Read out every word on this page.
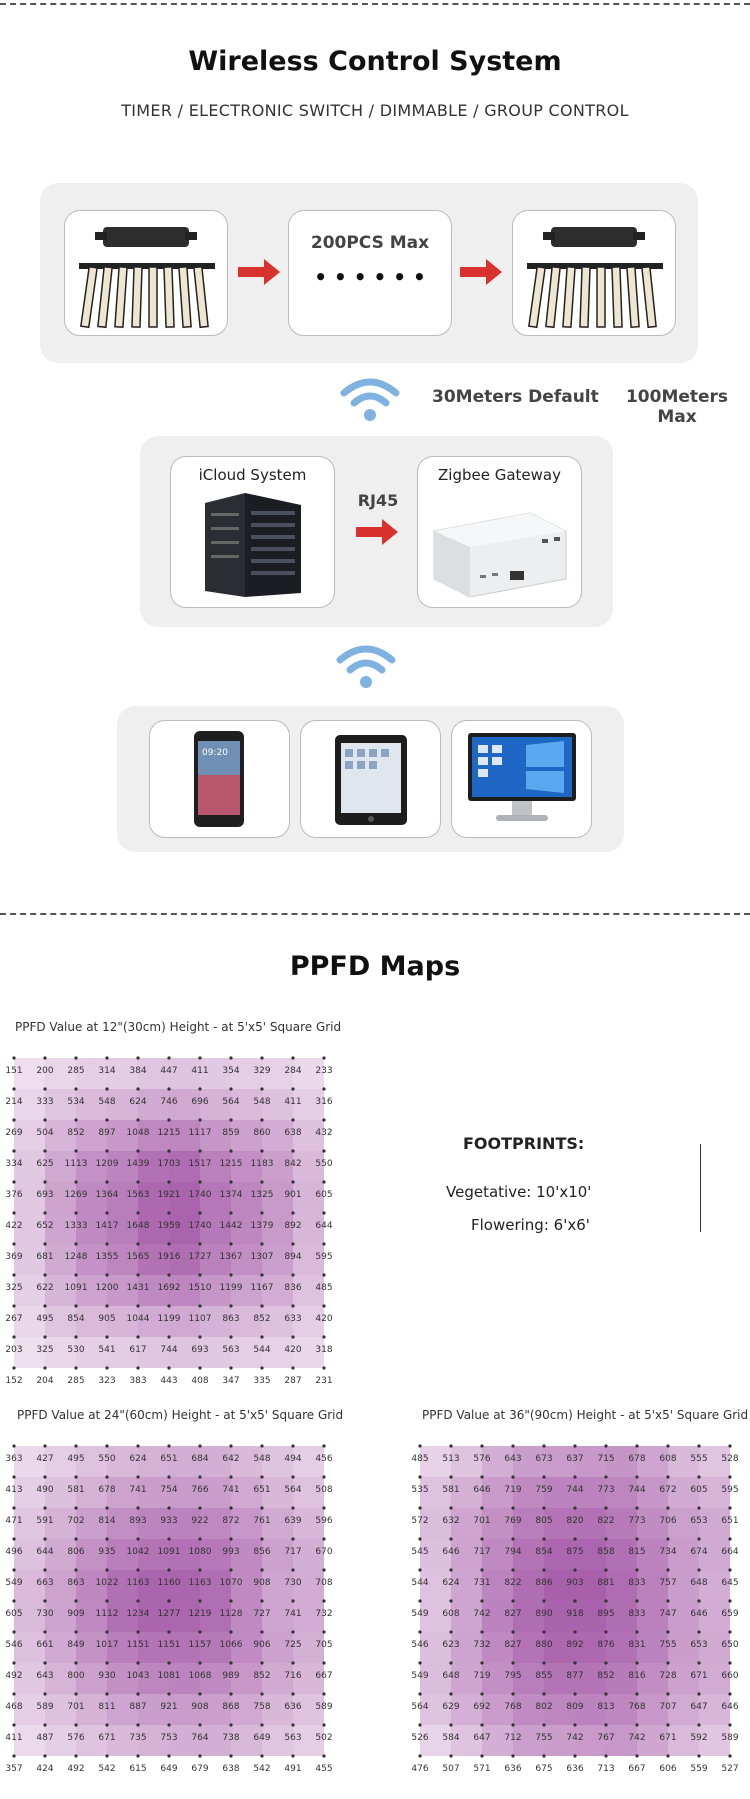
Wireless Control System
TIMER / ELECTRONIC SWITCH / DIMMABLE / GROUP CONTROL
200PCS Max
• • • • • •
30Meters Default	100Meters Max
iCloud System
RJ45
Zigbee Gateway
09:20
PPFD Maps
PPFD Value at 12"(30cm) Height - at 5'x5' Square Grid
PPFD Value at 24"(60cm) Height - at 5'x5' Square Grid	PPFD Value at 36"(90cm) Height - at 5'x5' Square Grid
151 200 285 314 384 447 411 354 329 284 233
214 333 534 548 624 746 696 564 548 411 316
269 504 852 897 1048 1215 1117 859 860 638 432
334 625 1113 1209 1439 1703 1517 1215 1183 842 550
376 693 1269 1364 1563 1921 1740 1374 1325 901 605
422 652 1333 1417 1648 1959 1740 1442 1379 892 644
369 681 1248 1355 1565 1916 1727 1367 1307 894 595
325 622 1091 1200 1431 1692 1510 1199 1167 836 485
267 495 854 905 1044 1199 1107 863 852 633 420
203 325 530 541 617 744 693 563 544 420 318
152 204 285 323 383 443 408 347 335 287 231
363 427 495 550 624 651 684 642 548 494 456
413 490 581 678 741 754 766 741 651 564 508
471 591 702 814 893 933 922 872 761 639 596
496 644 806 935 1042 1091 1080 993 856 717 670
549 663 863 1022 1163 1160 1163 1070 908 730 708
605 730 909 1112 1234 1277 1219 1128 727 741 732
546 661 849 1017 1151 1151 1157 1066 906 725 705
492 643 800 930 1043 1081 1068 989 852 716 667
468 589 701 811 887 921 908 868 758 636 589
411 487 576 671 735 753 764 738 649 563 502
357 424 492 542 615 649 679 638 542 491 455
485 513 576 643 673 637 715 678 608 555 528
535 581 646 719 759 744 773 744 672 605 595
572 632 701 769 805 820 822 773 706 653 651
545 646 717 794 854 875 858 815 734 674 664
544 624 731 822 886 903 881 833 757 648 645
549 608 742 827 890 918 895 833 747 646 659
546 623 732 827 880 892 876 831 755 653 650
549 648 719 795 855 877 852 816 728 671 660
564 629 692 768 802 809 813 768 707 647 646
526 584 647 712 755 742 767 742 671 592 589
476 507 571 636 675 636 713 667 606 559 527
FOOTPRINTS:
Vegetative: 10'x10'
Flowering: 6'x6'
